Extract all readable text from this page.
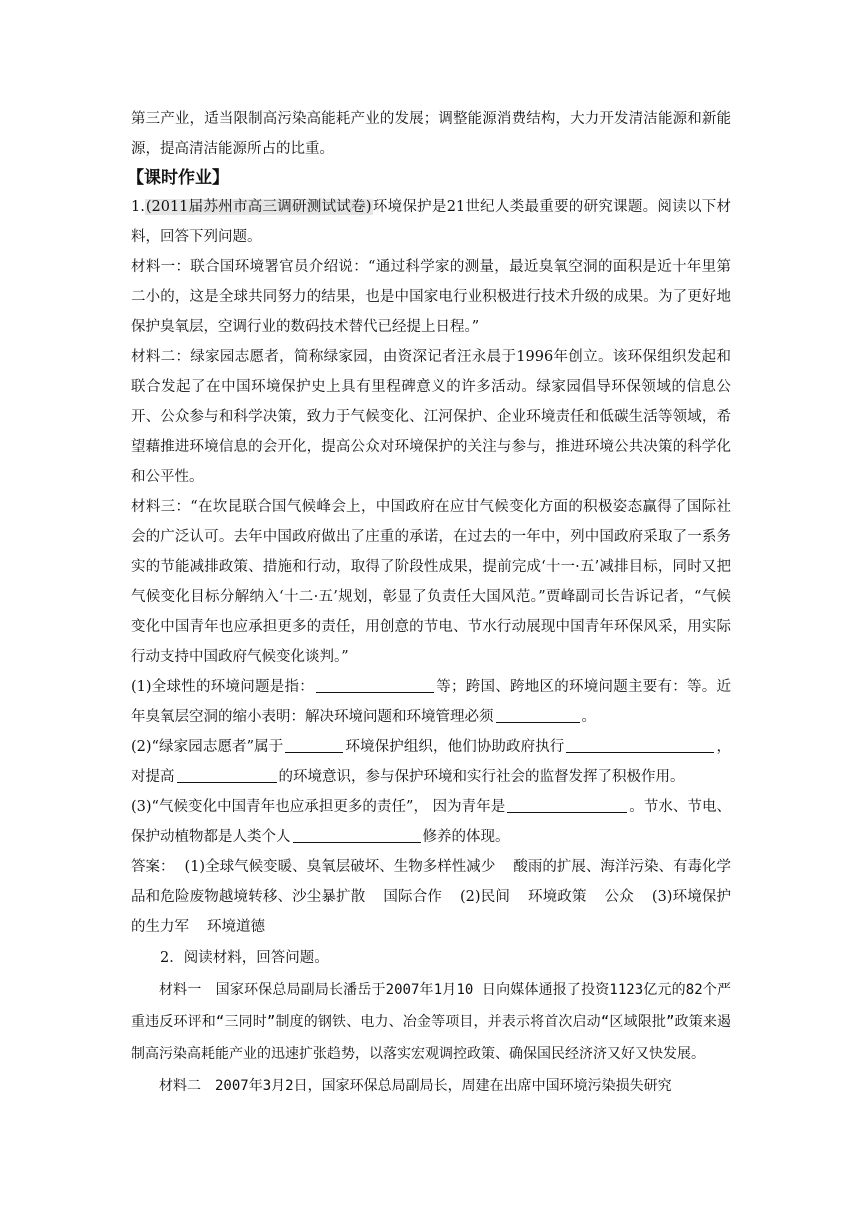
第三产业，适当限制高污染高能耗产业的发展；调整能源消费结构，大力开发清洁能源和新能源，提高清洁能源所占的比重。

【课时作业】

1.(2011届苏州市高三调研测试试卷)环境保护是21世纪人类最重要的研究课题。阅读以下材料，回答下列问题。

材料一：联合国环境署官员介绍说：“通过科学家的测量，最近臭氧空洞的面积是近十年里第二小的，这是全球共同努力的结果，也是中国家电行业积极进行技术升级的成果。为了更好地保护臭氧层，空调行业的数码技术替代已经提上日程。”

材料二：绿家园志愿者，简称绿家园，由资深记者汪永晨于1996年创立。该环保组织发起和联合发起了在中国环境保护史上具有里程碑意义的许多活动。绿家园倡导环保领域的信息公开、公众参与和科学决策，致力于气候变化、江河保护、企业环境责任和低碳生活等领域，希望藉推进环境信息的会开化，提高公众对环境保护的关注与参与，推进环境公共决策的科学化和公平性。

材料三：“在坎昆联合国气候峰会上，中国政府在应甘气候变化方面的积极姿态赢得了国际社会的广泛认可。去年中国政府做出了庄重的承诺，在过去的一年中，列中国政府采取了一系务实的节能减排政策、措施和行动，取得了阶段性成果，提前完成‘十一·五’减排目标，同时又把气候变化目标分解纳入‘十二·五’规划，彰显了负责任大国风范。”贾峰副司长告诉记者，“气候变化中国青年也应承担更多的责任，用创意的节电、节水行动展现中国青年环保风采，用实际行动支持中国政府气候变化谈判。”

(1)全球性的环境问题是指：	等；跨国、跨地区的环境问题主要有：等。近年臭氧层空洞的缩小表明：解决环境问题和环境管理必须	。

(2)“绿家园志愿者”属于	环境保护组织，他们协助政府执行	，对提高	的环境意识，参与保护环境和实行社会的监督发挥了积极作用。

(3)“气候变化中国青年也应承担更多的责任”， 因为青年是	。节水、节电、保护动植物都是人类个人	修养的体现。

答案： (1)全球气候变暖、臭氧层破坏、生物多样性减少 酸雨的扩展、海洋污染、有毒化学品和危险废物越境转移、沙尘暴扩散 国际合作 (2)民间 环境政策 公众 (3)环境保护的生力军 环境道德

2．阅读材料，回答问题。

材料一　国家环保总局副局长潘岳于2007年1月10 日向媒体通报了投资1123亿元的82个严重违反环评和“三同时”制度的钢铁、电力、冶金等项目，并表示将首次启动“区域限批”政策来遏制高污染高耗能产业的迅速扩张趋势，以落实宏观调控政策、确保国民经济济又好又快发展。

材料二　2007年3月2日，国家环保总局副局长，周建在出席中国环境污染损失研究
